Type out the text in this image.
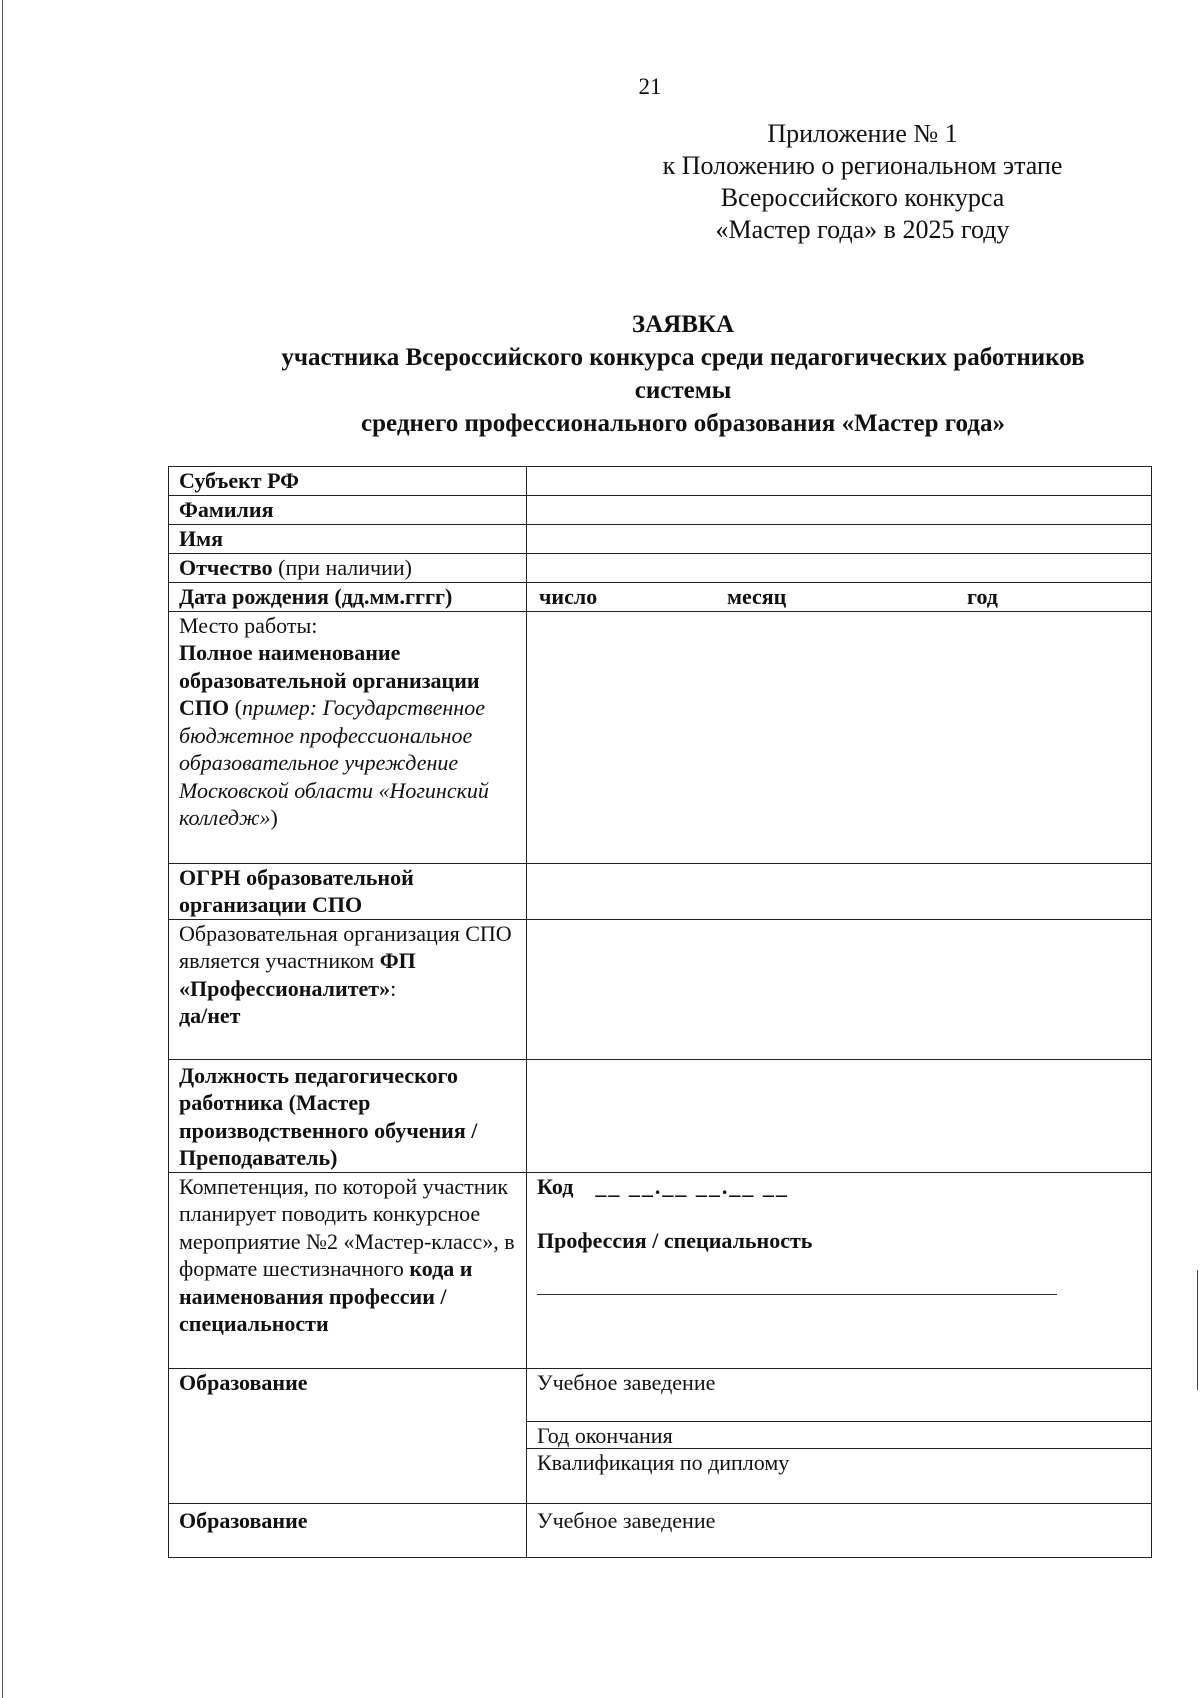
21
Приложение № 1
к Положению о региональном этапе
Всероссийского конкурса
«Мастер года» в 2025 году
ЗАЯВКА
участника Всероссийского конкурса среди педагогических работников
системы
среднего профессионального образования «Мастер года»
Субъект РФ	
Фамилия	
Имя	
Отчество (при наличии)	
Дата рождения (дд.мм.гггг)	число месяц год

Место работы:
Полное наименование образовательной организации СПО (пример: Государственное бюджетное профессиональное образовательное учреждение Московской области «Ногинский колледж»)	
ОГРН образовательной организации СПО	
Образовательная организация СПО является участником ФП «Профессионалитет»:
да/нет	
Должность педагогического работника (Мастер производственного обучения / Преподаватель)	
Компетенция, по которой участник планирует поводить конкурсное мероприятие №2 «Мастер-класс», в формате шестизначного кода и наименования профессии /специальности	Код __ __.__ __.__ __
Профессия / специальность

Образование	Учебное заведение
Год окончания
Квалификация по диплому

Образование	Учебное заведение
